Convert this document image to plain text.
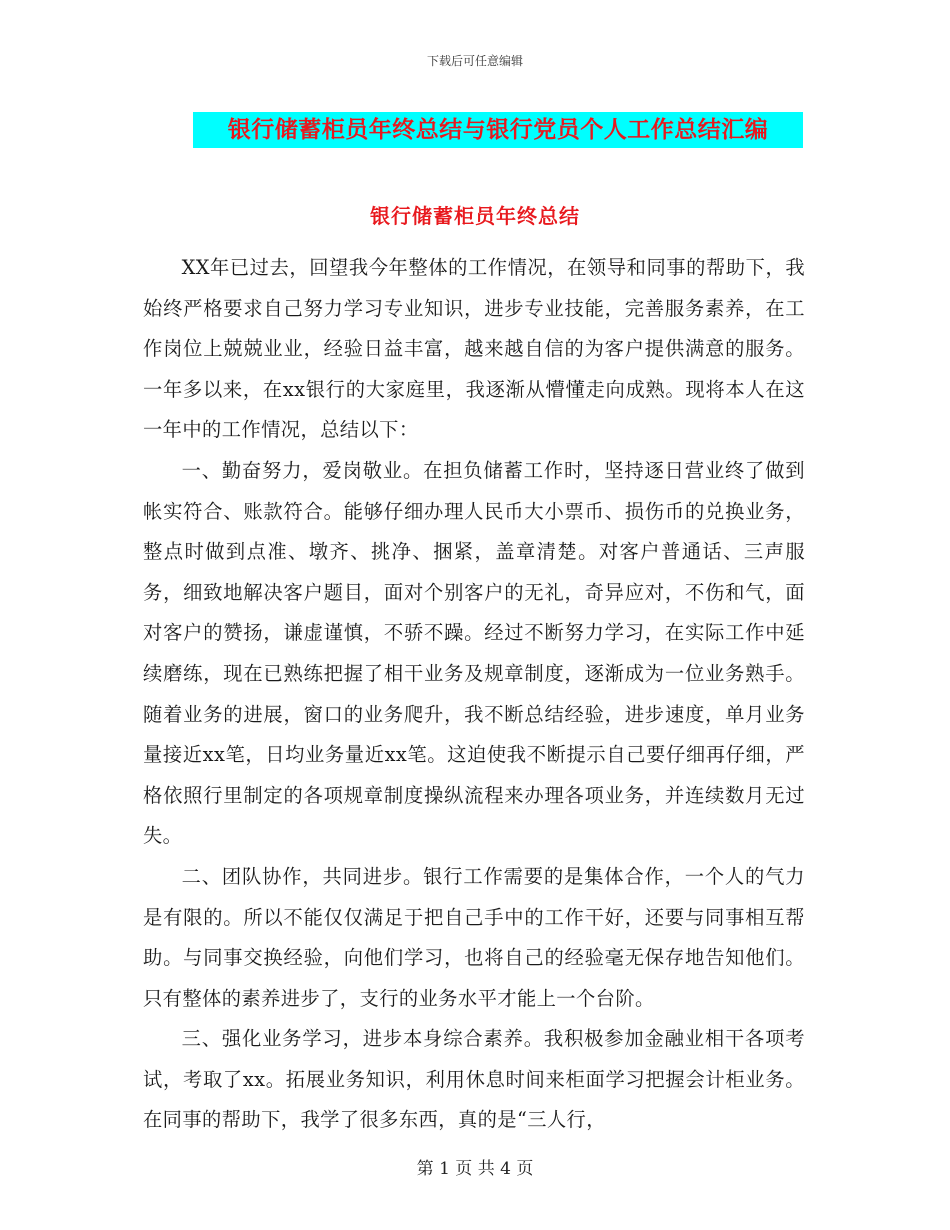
下载后可任意编辑
银行储蓄柜员年终总结与银行党员个人工作总结汇编
银行储蓄柜员年终总结

XX年已过去，回望我今年整体的工作情况，在领导和同事的帮助下，我始终严格要求自己努力学习专业知识，进步专业技能，完善服务素养，在工作岗位上兢兢业业，经验日益丰富，越来越自信的为客户提供满意的服务。一年多以来，在xx银行的大家庭里，我逐渐从懵懂走向成熟。现将本人在这一年中的工作情况，总结以下：

一、勤奋努力，爱岗敬业。在担负储蓄工作时，坚持逐日营业终了做到帐实符合、账款符合。能够仔细办理人民币大小票币、损伤币的兑换业务，整点时做到点准、墩齐、挑净、捆紧，盖章清楚。对客户普通话、三声服务，细致地解决客户题目，面对个别客户的无礼，奇异应对，不伤和气，面对客户的赞扬，谦虚谨慎，不骄不躁。经过不断努力学习，在实际工作中延续磨练，现在已熟练把握了相干业务及规章制度，逐渐成为一位业务熟手。随着业务的进展，窗口的业务爬升，我不断总结经验，进步速度，单月业务量接近xx笔，日均业务量近xx笔。这迫使我不断提示自己要仔细再仔细，严格依照行里制定的各项规章制度操纵流程来办理各项业务，并连续数月无过失。

二、团队协作，共同进步。银行工作需要的是集体合作，一个人的气力是有限的。所以不能仅仅满足于把自己手中的工作干好，还要与同事相互帮助。与同事交换经验，向他们学习，也将自己的经验毫无保存地告知他们。只有整体的素养进步了，支行的业务水平才能上一个台阶。

三、强化业务学习，进步本身综合素养。我积极参加金融业相干各项考试，考取了xx。拓展业务知识，利用休息时间来柜面学习把握会计柜业务。在同事的帮助下，我学了很多东西，真的是“三人行，

第 1 页 共 4 页
